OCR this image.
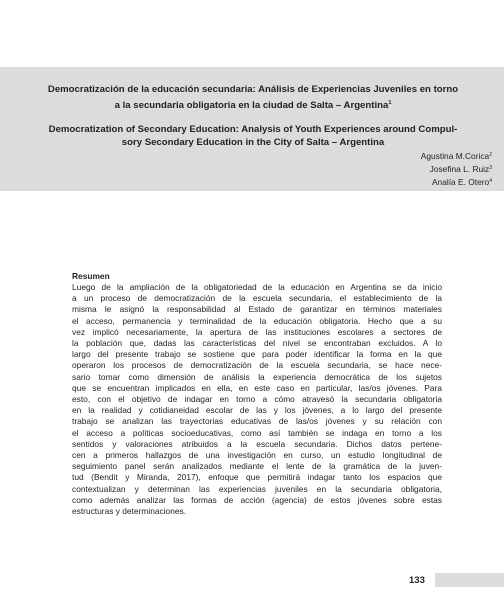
Democratización de la educación secundaria: Análisis de Experiencias Juveniles en torno
a la secundaria obligatoria en la ciudad de Salta – Argentina$^1$
Democratization of Secondary Education: Analysis of Youth Experiences around Compul-
sory Secondary Education in the City of Salta – Argentina
Agustina M.Corica$^2$
Josefina L. Ruiz$^3$
Analía E. Otero$^4$

Resumen

Luego de la ampliación de la obligatoriedad de la educación en Argentina se da inicio
a un proceso de democratización de la escuela secundaria, el establecimiento de la
misma le asignó la responsabilidad al Estado de garantizar en términos materiales
el acceso, permanencia y terminalidad de la educación obligatoria. Hecho que a su
vez implicó necesariamente, la apertura de las instituciones escolares a sectores de
la población que, dadas las características del nivel se encontraban excluidos. A lo
largo del presente trabajo se sostiene que para poder identificar la forma en la que
operaron los procesos de democratización de la escuela secundaria, se hace nece-
sario tomar como dimensión de análisis la experiencia democrática de los sujetos
que se encuentran implicados en ella, en este caso en particular, las/os jóvenes. Para
esto, con el objetivo de indagar en torno a cómo atravesó la secundaria obligatoria
en la realidad y cotidianeidad escolar de las y los jóvenes, a lo largo del presente
trabajo se analizan las trayectorias educativas de las/os jóvenes y su relación con
el acceso a políticas socioeducativas, como así también se indaga en torno a los
sentidos y valoraciones atribuidos a la escuela secundaria. Dichos datos pertene-
cen a primeros hallazgos de una investigación en curso, un estudio longitudinal de
seguimiento panel serán analizados mediante el lente de la gramática de la juven-
tud (Bendit y Miranda, 2017), enfoque que permitirá indagar tanto los espacios que
contextualizan y determinan las experiencias juveniles en la secundaria obligatoria,
como además analizar las formas de acción (agencia) de estos jóvenes sobre estas
estructuras y determinaciones.
133
